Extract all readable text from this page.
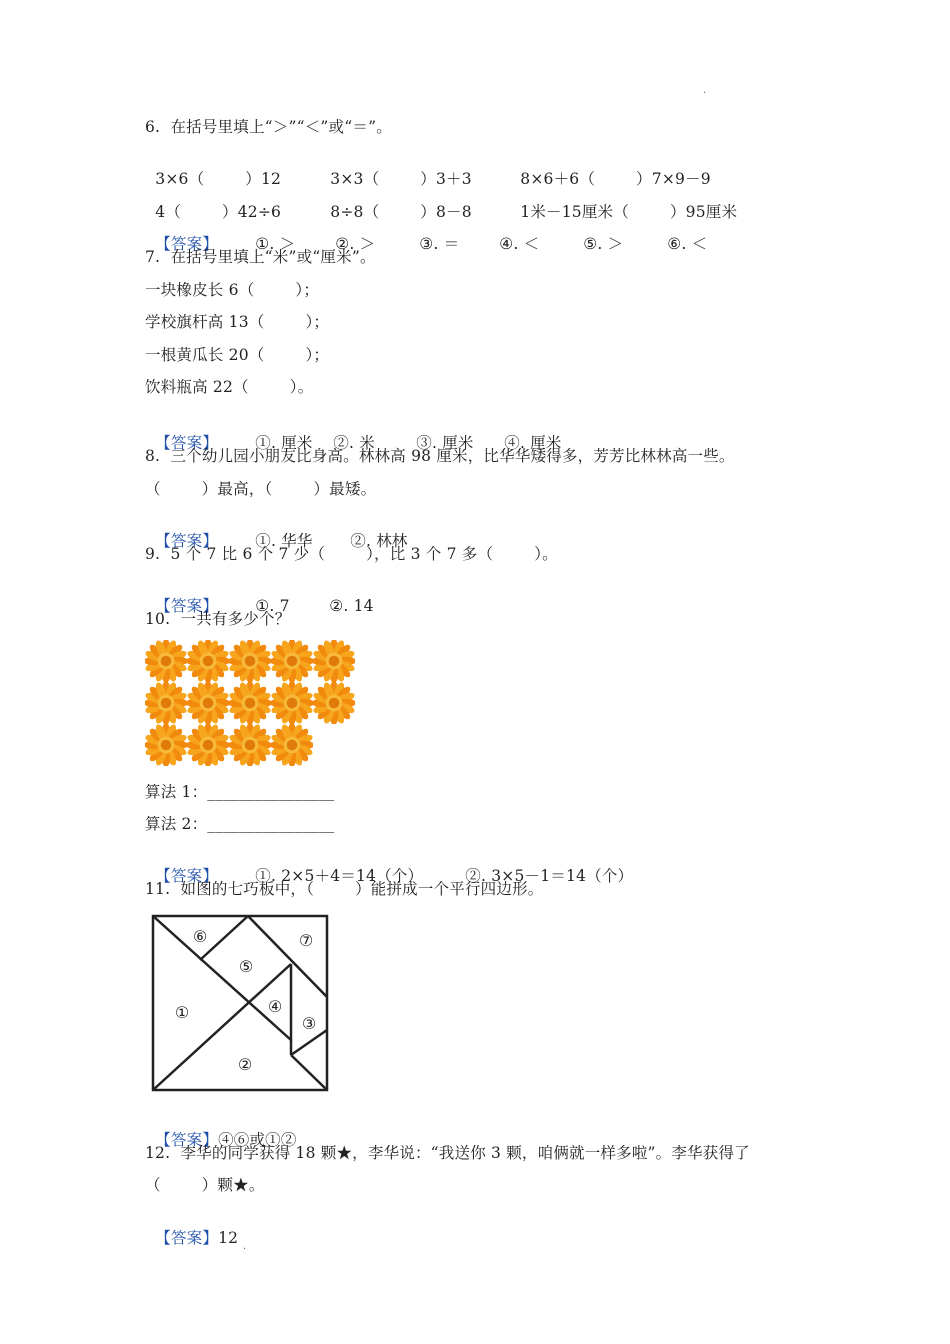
·
6.  在括号里填上“＞”“＜”或“＝”。

3×6（        ）12	3×3（        ）3＋3	8×6＋6（        ）7×9－9

4（        ）42÷6	8÷8（        ）8－8	1米－15厘米（        ）95厘米

【答案】 ①. ＞	②. ＞	③. ＝	④. ＜	⑤. ＞	⑥. ＜

7.  在括号里填上“米”或“厘米”。
一块橡皮长 6（        ）；
学校旗杆高 13（        ）；
一根黄瓜长 20（        ）；
饮料瓶高 22（        ）。

【答案】 ①. 厘米 ②. 米	③. 厘米 ④. 厘米

8.  三个幼儿园小朋友比身高。林林高 98 厘米，比华华矮得多，芳芳比林林高一些。
（        ）最高，（        ）最矮。

【答案】 ①. 华华 ②. 林林

9.  5 个 7 比 6 个 7 少（        ），比 3 个 7 多（        ）。

【答案】 ①. 7	②. 14

10.  一共有多少个？
算法 1：________________
算法 2：________________

【答案】 ①. 2×5＋4＝14（个）	②. 3×5－1＝14（个）

11.  如图的七巧板中，（        ）能拼成一个平行四边形。
⑥	⑦
⑤
①	④
③
②

【答案】④⑥或①②

12.  李华的同学获得 18 颗★，李华说：“我送你 3 颗，咱俩就一样多啦”。李华获得了
（        ）颗★。

【答案】12

·
